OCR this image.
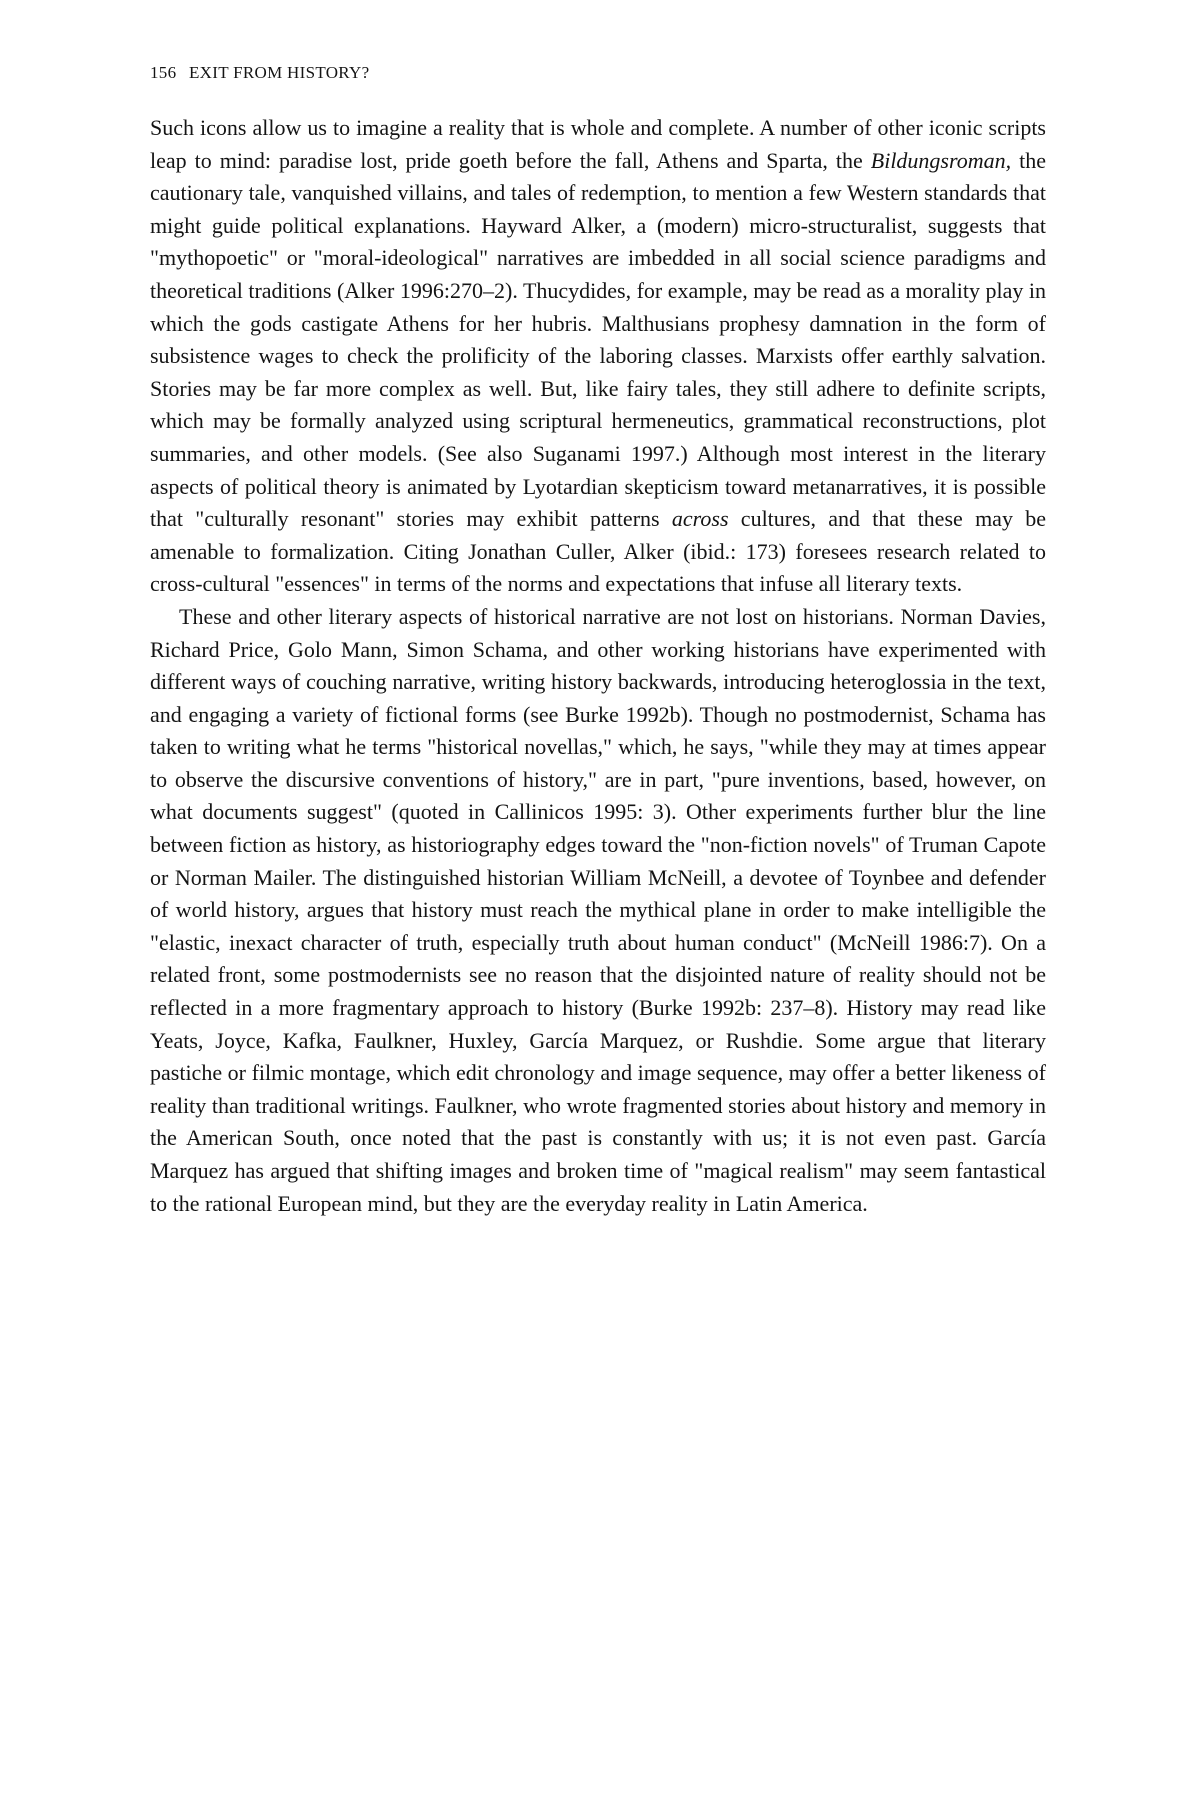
156 EXIT FROM HISTORY?

Such icons allow us to imagine a reality that is whole and complete. A number of other iconic scripts leap to mind: paradise lost, pride goeth before the fall, Athens and Sparta, the Bildungsroman, the cautionary tale, vanquished villains, and tales of redemption, to mention a few Western standards that might guide political explanations. Hayward Alker, a (modern) micro-structuralist, suggests that "mythopoetic" or "moral-ideological" narratives are imbedded in all social science paradigms and theoretical traditions (Alker 1996:270–2). Thucydides, for example, may be read as a morality play in which the gods castigate Athens for her hubris. Malthusians prophesy damnation in the form of subsistence wages to check the prolificity of the laboring classes. Marxists offer earthly salvation. Stories may be far more complex as well. But, like fairy tales, they still adhere to definite scripts, which may be formally analyzed using scriptural hermeneutics, grammatical reconstructions, plot summaries, and other models. (See also Suganami 1997.) Although most interest in the literary aspects of political theory is animated by Lyotardian skepticism toward metanarratives, it is possible that "culturally resonant" stories may exhibit patterns across cultures, and that these may be amenable to formalization. Citing Jonathan Culler, Alker (ibid.: 173) foresees research related to cross-cultural "essences" in terms of the norms and expectations that infuse all literary texts.

These and other literary aspects of historical narrative are not lost on historians. Norman Davies, Richard Price, Golo Mann, Simon Schama, and other working historians have experimented with different ways of couching narrative, writing history backwards, introducing heteroglossia in the text, and engaging a variety of fictional forms (see Burke 1992b). Though no postmodernist, Schama has taken to writing what he terms "historical novellas," which, he says, "while they may at times appear to observe the discursive conventions of history," are in part, "pure inventions, based, however, on what documents suggest" (quoted in Callinicos 1995: 3). Other experiments further blur the line between fiction as history, as historiography edges toward the "non-fiction novels" of Truman Capote or Norman Mailer. The distinguished historian William McNeill, a devotee of Toynbee and defender of world history, argues that history must reach the mythical plane in order to make intelligible the "elastic, inexact character of truth, especially truth about human conduct" (McNeill 1986:7). On a related front, some postmodernists see no reason that the disjointed nature of reality should not be reflected in a more fragmentary approach to history (Burke 1992b: 237–8). History may read like Yeats, Joyce, Kafka, Faulkner, Huxley, García Marquez, or Rushdie. Some argue that literary pastiche or filmic montage, which edit chronology and image sequence, may offer a better likeness of reality than traditional writings. Faulkner, who wrote fragmented stories about history and memory in the American South, once noted that the past is constantly with us; it is not even past. García Marquez has argued that shifting images and broken time of "magical realism" may seem fantastical to the rational European mind, but they are the everyday reality in Latin America.
